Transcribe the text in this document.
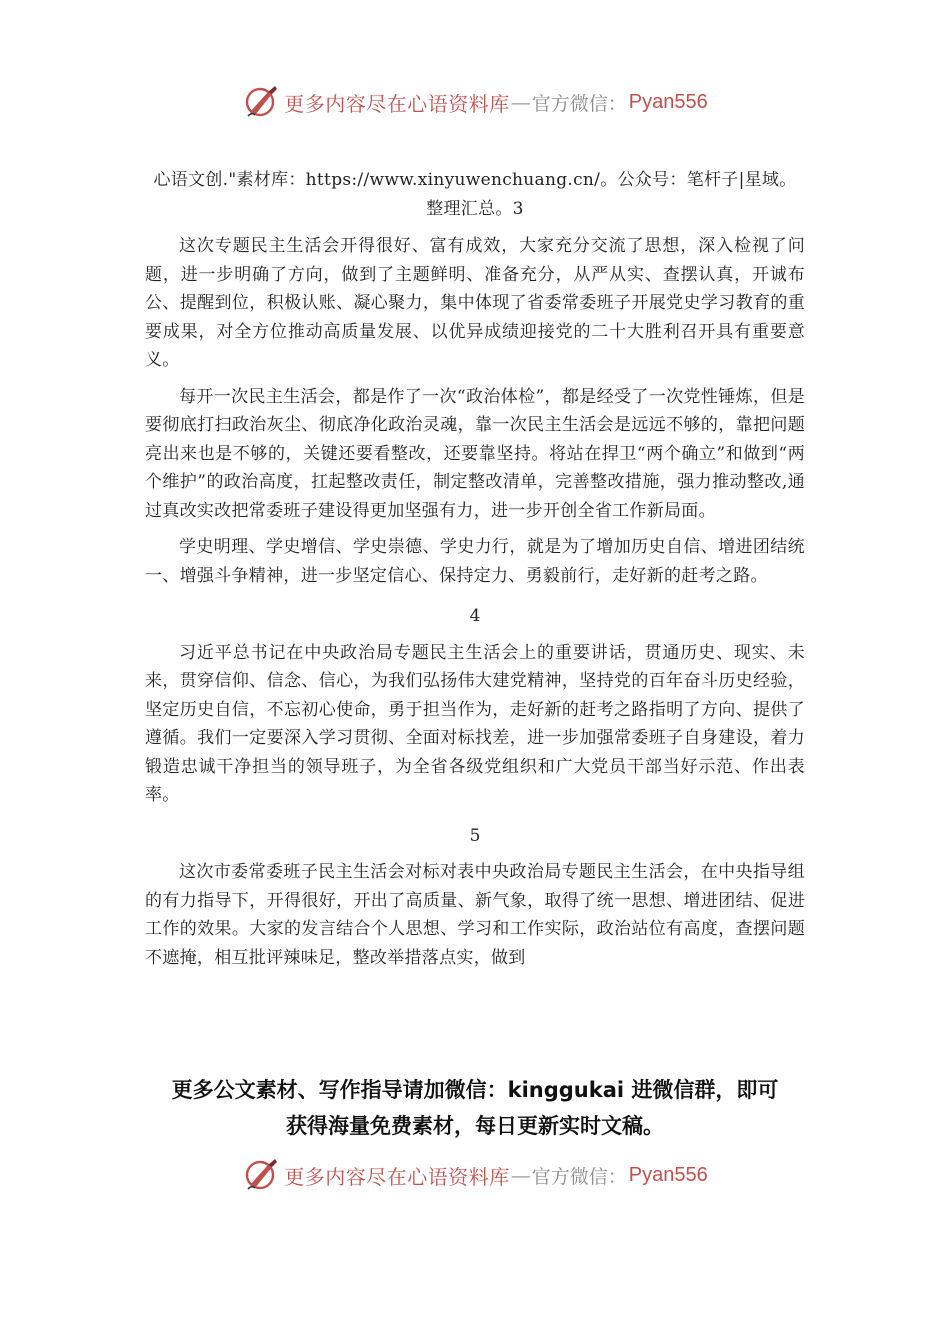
更多内容尽在心语资料库 — 官方微信： Pyan556

心语文创."素材库：https://www.xinyuwenchuang.cn/。公众号：笔杆子|星域。

整理汇总。3

这次专题民主生活会开得很好、富有成效，大家充分交流了思想，深入检视了问题，进一步明确了方向，做到了主题鲜明、准备充分，从严从实、查摆认真，开诚布公、提醒到位，积极认账、凝心聚力，集中体现了省委常委班子开展党史学习教育的重要成果，对全方位推动高质量发展、以优异成绩迎接党的二十大胜利召开具有重要意义。

每开一次民主生活会，都是作了一次“政治体检”，都是经受了一次党性锤炼，但是要彻底打扫政治灰尘、彻底净化政治灵魂，靠一次民主生活会是远远不够的，靠把问题亮出来也是不够的，关键还要看整改，还要靠坚持。将站在捍卫“两个确立”和做到“两个维护”的政治高度，扛起整改责任，制定整改清单，完善整改措施，强力推动整改,通过真改实改把常委班子建设得更加坚强有力，进一步开创全省工作新局面。

学史明理、学史增信、学史崇德、学史力行，就是为了增加历史自信、增进团结统一、增强斗争精神，进一步坚定信心、保持定力、勇毅前行，走好新的赶考之路。

4

习近平总书记在中央政治局专题民主生活会上的重要讲话，贯通历史、现实、未来，贯穿信仰、信念、信心，为我们弘扬伟大建党精神，坚持党的百年奋斗历史经验，坚定历史自信，不忘初心使命，勇于担当作为，走好新的赶考之路指明了方向、提供了遵循。我们一定要深入学习贯彻、全面对标找差，进一步加强常委班子自身建设，着力锻造忠诚干净担当的领导班子，为全省各级党组织和广大党员干部当好示范、作出表率。

5

这次市委常委班子民主生活会对标对表中央政治局专题民主生活会，在中央指导组的有力指导下，开得很好，开出了高质量、新气象，取得了统一思想、增进团结、促进工作的效果。大家的发言结合个人思想、学习和工作实际，政治站位有高度，查摆问题不遮掩，相互批评辣味足，整改举措落点实，做到

更多公文素材、写作指导请加微信：kinggukai 进微信群，即可
获得海量免费素材，每日更新实时文稿。
更多内容尽在心语资料库 — 官方微信： Pyan556
